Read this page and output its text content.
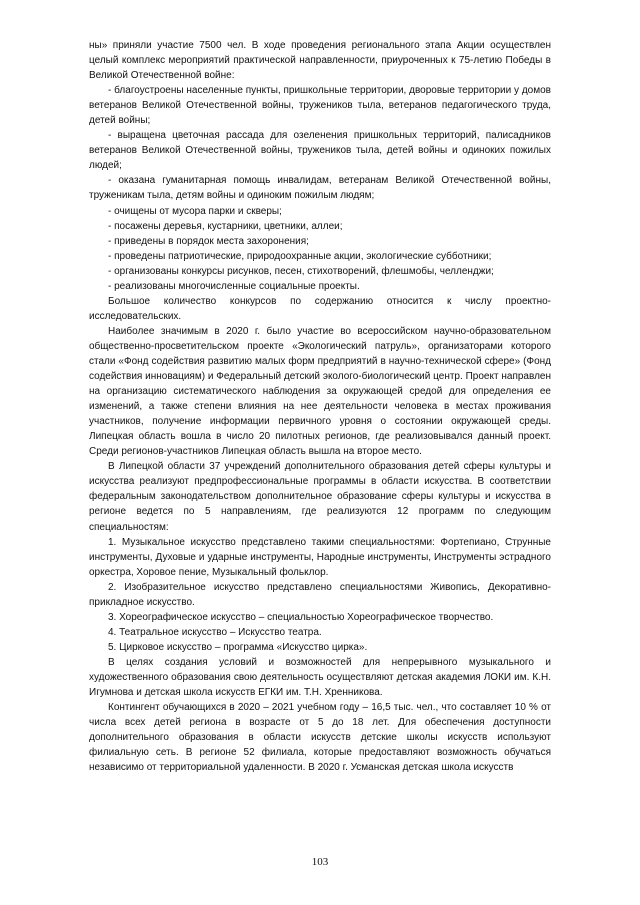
ны» приняли участие 7500 чел. В ходе проведения регионального этапа Акции осуществлен целый комплекс мероприятий практической направленности, приуроченных к 75-летию Победы в Великой Отечественной войне:

- благоустроены населенные пункты, пришкольные территории, дворовые территории у домов ветеранов Великой Отечественной войны, тружеников тыла, ветеранов педагогического труда, детей войны;

- выращена цветочная рассада для озеленения пришкольных территорий, палисадников ветеранов Великой Отечественной войны, тружеников тыла, детей войны и одиноких пожилых людей;

- оказана гуманитарная помощь инвалидам, ветеранам Великой Отечественной войны, труженикам тыла, детям войны и одиноким пожилым людям;

- очищены от мусора парки и скверы;

- посажены деревья, кустарники, цветники, аллеи;

- приведены в порядок места захоронения;

- проведены патриотические, природоохранные акции, экологические субботники;

- организованы конкурсы рисунков, песен, стихотворений, флешмобы, челленджи;

- реализованы многочисленные социальные проекты.

Большое количество конкурсов по содержанию относится к числу проектно-исследовательских.

Наиболее значимым в 2020 г. было участие во всероссийском научно-образовательном общественно-просветительском проекте «Экологический патруль», организаторами которого стали «Фонд содействия развитию малых форм предприятий в научно-технической сфере» (Фонд содействия инновациям) и Федеральный детский эколого-биологический центр. Проект направлен на организацию систематического наблюдения за окружающей средой для определения ее изменений, а также степени влияния на нее деятельности человека в местах проживания участников, получение информации первичного уровня о состоянии окружающей среды. Липецкая область вошла в число 20 пилотных регионов, где реализовывался данный проект. Среди регионов-участников Липецкая область вышла на второе место.

В Липецкой области 37 учреждений дополнительного образования детей сферы культуры и искусства реализуют предпрофессиональные программы в области искусства. В соответствии федеральным законодательством дополнительное образование сферы культуры и искусства в регионе ведется по 5 направлениям, где реализуются 12 программ по следующим специальностям:

1. Музыкальное искусство представлено такими специальностями: Фортепиано, Струнные инструменты, Духовые и ударные инструменты, Народные инструменты, Инструменты эстрадного оркестра, Хоровое пение, Музыкальный фольклор.

2. Изобразительное искусство представлено специальностями Живопись, Декоративно-прикладное искусство.

3. Хореографическое искусство – специальностью Хореографическое творчество.

4. Театральное искусство – Искусство театра.

5. Цирковое искусство – программа «Искусство цирка».

В целях создания условий и возможностей для непрерывного музыкального и художественного образования свою деятельность осуществляют детская академия ЛОКИ им. К.Н. Игумнова и детская школа искусств ЕГКИ им. Т.Н. Хренникова.

Контингент обучающихся в 2020 – 2021 учебном году – 16,5 тыс. чел., что составляет 10 % от числа всех детей региона в возрасте от 5 до 18 лет. Для обеспечения доступности дополнительного образования в области искусств детские школы искусств используют филиальную сеть. В регионе 52 филиала, которые предоставляют возможность обучаться независимо от территориальной удаленности. В 2020 г. Усманская детская школа искусств

103
